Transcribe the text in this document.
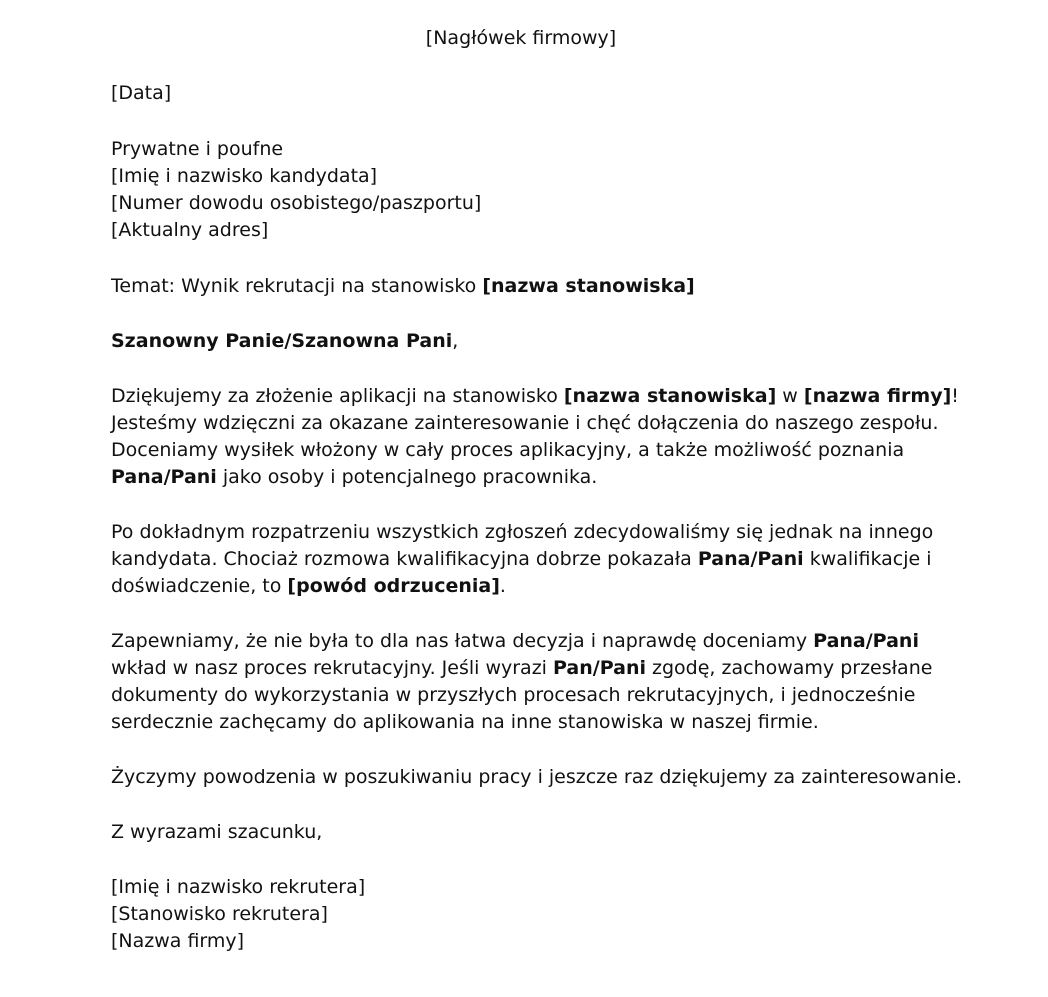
[Nagłówek firmowy]

[Data]

Prywatne i poufne
[Imię i nazwisko kandydata]
[Numer dowodu osobistego/paszportu]
[Aktualny adres]

Temat: Wynik rekrutacji na stanowisko [nazwa stanowiska]

Szanowny Panie/Szanowna Pani,

Dziękujemy za złożenie aplikacji na stanowisko [nazwa stanowiska] w [nazwa firmy]!
Jesteśmy wdzięczni za okazane zainteresowanie i chęć dołączenia do naszego zespołu.
Doceniamy wysiłek włożony w cały proces aplikacyjny, a także możliwość poznania
Pana/Pani jako osoby i potencjalnego pracownika.
Po dokładnym rozpatrzeniu wszystkich zgłoszeń zdecydowaliśmy się jednak na innego
kandydata. Chociaż rozmowa kwalifikacyjna dobrze pokazała Pana/Pani kwalifikacje i
doświadczenie, to [powód odrzucenia].
Zapewniamy, że nie była to dla nas łatwa decyzja i naprawdę doceniamy Pana/Pani
wkład w nasz proces rekrutacyjny. Jeśli wyrazi Pan/Pani zgodę, zachowamy przesłane
dokumenty do wykorzystania w przyszłych procesach rekrutacyjnych, i jednocześnie
serdecznie zachęcamy do aplikowania na inne stanowiska w naszej firmie.

Życzymy powodzenia w poszukiwaniu pracy i jeszcze raz dziękujemy za zainteresowanie.

Z wyrazami szacunku,

[Imię i nazwisko rekrutera]
[Stanowisko rekrutera]
[Nazwa firmy]
